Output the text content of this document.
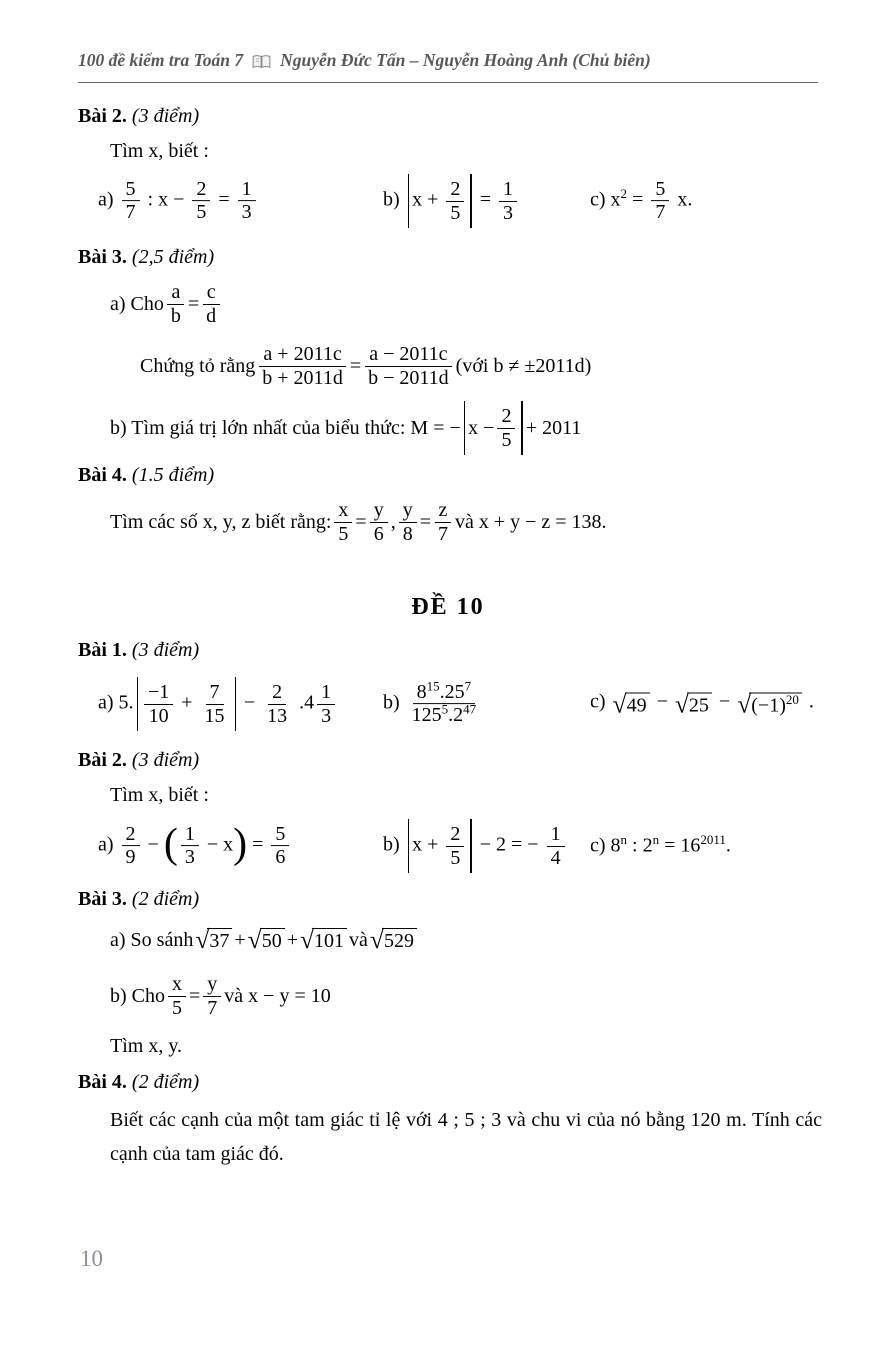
100 đề kiểm tra Toán 7 Nguyễn Đức Tấn – Nguyễn Hoàng Anh (Chủ biên)
Bài 2. (3 điểm)
Tìm x, biết :
$a) \frac{5}{7}$ : $x - \frac{2}{5} = \frac{1}{3}$	b) $x + \frac{2}{5} = \frac{1}{3}$	c) $x^2 = \frac{5}{7} x$.
Bài 3. (2,5 điểm)
a) Cho $\frac{a}{b} = \frac{c}{d}$
Chứng tỏ rằng $\frac{a + 2011c}{b + 2011d} = \frac{a - 2011c}{b - 2011d}$ (với b ≠ ±2011d)
b) Tìm giá trị lớn nhất của biểu thức: M = −
$x - \frac{2}{5} + 2011$
Bài 4. (1.5 điểm)
Tìm các số x, y, z biết rằng: $\frac{x}{5} = \frac{y}{6}$ , $\frac{y}{8} = \frac{z}{7}$ và x + y − z = 138.
ĐỀ 10
Bài 1. (3 điểm)
a) 5. $\frac{-1}{10} + \frac{7}{15} - \frac{2}{13} .4 \frac{1}{3} b) \frac{8^{15}.25^7}{125^5.2^{47}}$	c) √ 49 − √ 25 − √ $(-1)^{20}$ .
Bài 2. (3 điểm)
Tìm x, biết :
$a) \frac{2}{9}$ − ( $\frac{1}{3} - x) = \frac{5}{6}$	b) $x + \frac{2}{5} - 2$ = − $\frac{1}{4} c$) 8$^n$ : $2^n = 16^{2011}$.
Bài 3. (2 điểm)
a) So sánh √ 37 + √ 50 + √ 101 và √ 529
b) Cho $\frac{x}{5} = \frac{y}{7}$ và x − y = 10
Tìm x, y.
Bài 4. (2 điểm)
Biết các cạnh của một tam giác tỉ lệ với 4 ; 5 ; 3 và chu vi của nó bằng 120 m. Tính các cạnh của tam giác đó.
10
